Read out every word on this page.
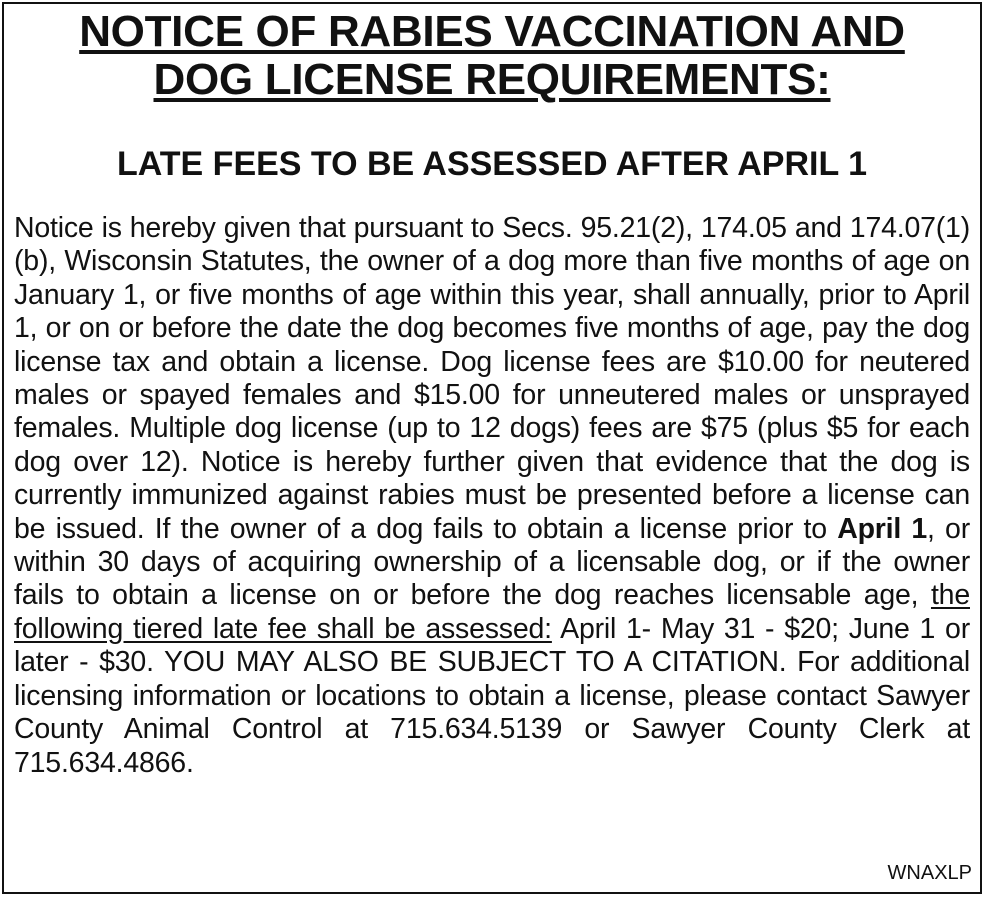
NOTICE OF RABIES VACCINATION AND
DOG LICENSE REQUIREMENTS:
LATE FEES TO BE ASSESSED AFTER APRIL 1
Notice is hereby given that pursuant to Secs. 95.21(2), 174.05 and 174.07(1)(b), Wisconsin Statutes, the owner of a dog more than five months of age on January 1, or five months of age within this year, shall annually, prior to April 1, or on or before the date the dog becomes five months of age, pay the dog license tax and obtain a license. Dog license fees are $10.00 for neutered males or spayed females and $15.00 for unneutered males or unsprayed females. Multiple dog license (up to 12 dogs) fees are $75 (plus $5 for each dog over 12). Notice is hereby further given that evidence that the dog is currently immunized against rabies must be presented before a license can be issued. If the owner of a dog fails to obtain a license prior to April 1, or within 30 days of acquiring ownership of a licensable dog, or if the owner fails to obtain a license on or before the dog reaches licensable age, the following tiered late fee shall be assessed: April 1- May 31 - $20; June 1 or later - $30. YOU MAY ALSO BE SUBJECT TO A CITATION. For additional licensing information or locations to obtain a license, please contact Sawyer County Animal Control at 715.634.5139 or Sawyer County Clerk at 715.634.4866.
WNAXLP
